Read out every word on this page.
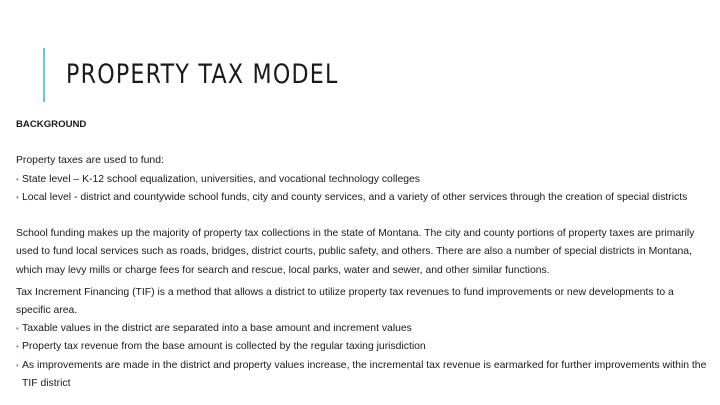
PROPERTY TAX MODEL

BACKGROUND

Property taxes are used to fund:

• State level – K-12 school equalization, universities, and vocational technology colleges
• Local level - district and countywide school funds, city and county services, and a variety of other services through the creation of special districts

School funding makes up the majority of property tax collections in the state of Montana. The city and county portions of property taxes are primarily used to fund local services such as roads, bridges, district courts, public safety, and others. There are also a number of special districts in Montana, which may levy mills or charge fees for search and rescue, local parks, water and sewer, and other similar functions.

Tax Increment Financing (TIF) is a method that allows a district to utilize property tax revenues to fund improvements or new developments to a specific area.

• Taxable values in the district are separated into a base amount and increment values
• Property tax revenue from the base amount is collected by the regular taxing jurisdiction
• As improvements are made in the district and property values increase, the incremental tax revenue is earmarked for further improvements within the TIF district
